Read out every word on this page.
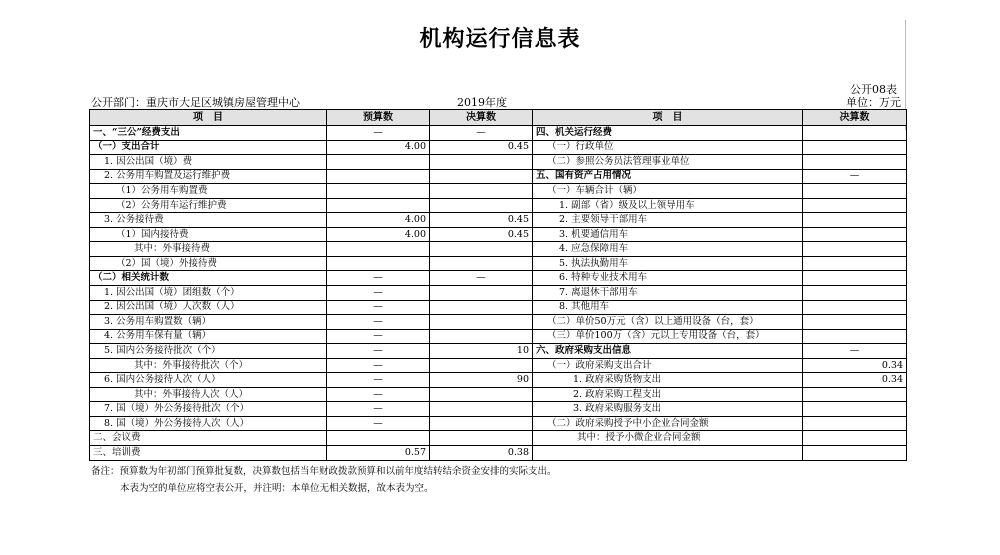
机构运行信息表
公开08表
公开部门：重庆市大足区城镇房屋管理中心	2019年度	单位：万元
项　目	预算数	决算数	项　目	决算数
一、“三公”经费支出	—	—	四、机关运行经费	
（一）支出合计	4.00	0.45	（一）行政单位	
1. 因公出国（境）费			（二）参照公务员法管理事业单位	
2. 公务用车购置及运行维护费			五、国有资产占用情况	—
（1）公务用车购置费			（一）车辆合计（辆）	
（2）公务用车运行维护费			1. 副部（省）级及以上领导用车	
3. 公务接待费	4.00	0.45	2. 主要领导干部用车	
（1）国内接待费	4.00	0.45	3. 机要通信用车	
其中：外事接待费			4. 应急保障用车	
（2）国（境）外接待费			5. 执法执勤用车	
（二）相关统计数	—	—	6. 特种专业技术用车	
1. 因公出国（境）团组数（个）	—		7. 离退休干部用车	
2. 因公出国（境）人次数（人）	—		8. 其他用车	
3. 公务用车购置数（辆）	—		（二）单价50万元（含）以上通用设备（台，套）	
4. 公务用车保有量（辆）	—		（三）单价100万（含）元以上专用设备（台，套）	
5. 国内公务接待批次（个）	—	10	六、政府采购支出信息	—
其中：外事接待批次（个）	—		（一）政府采购支出合计	0.34
6. 国内公务接待人次（人）	—	90	1. 政府采购货物支出	0.34
其中：外事接待人次（人）	—		2. 政府采购工程支出	
7. 国（境）外公务接待批次（个）	—		3. 政府采购服务支出	
8. 国（境）外公务接待人次（人）	—		（二）政府采购授予中小企业合同金额	
二、会议费			其中：授予小微企业合同金额	
三、培训费	0.57	0.38		
备注：预算数为年初部门预算批复数，决算数包括当年财政拨款预算和以前年度结转结余资金安排的实际支出。
本表为空的单位应将空表公开，并注明：本单位无相关数据，故本表为空。
